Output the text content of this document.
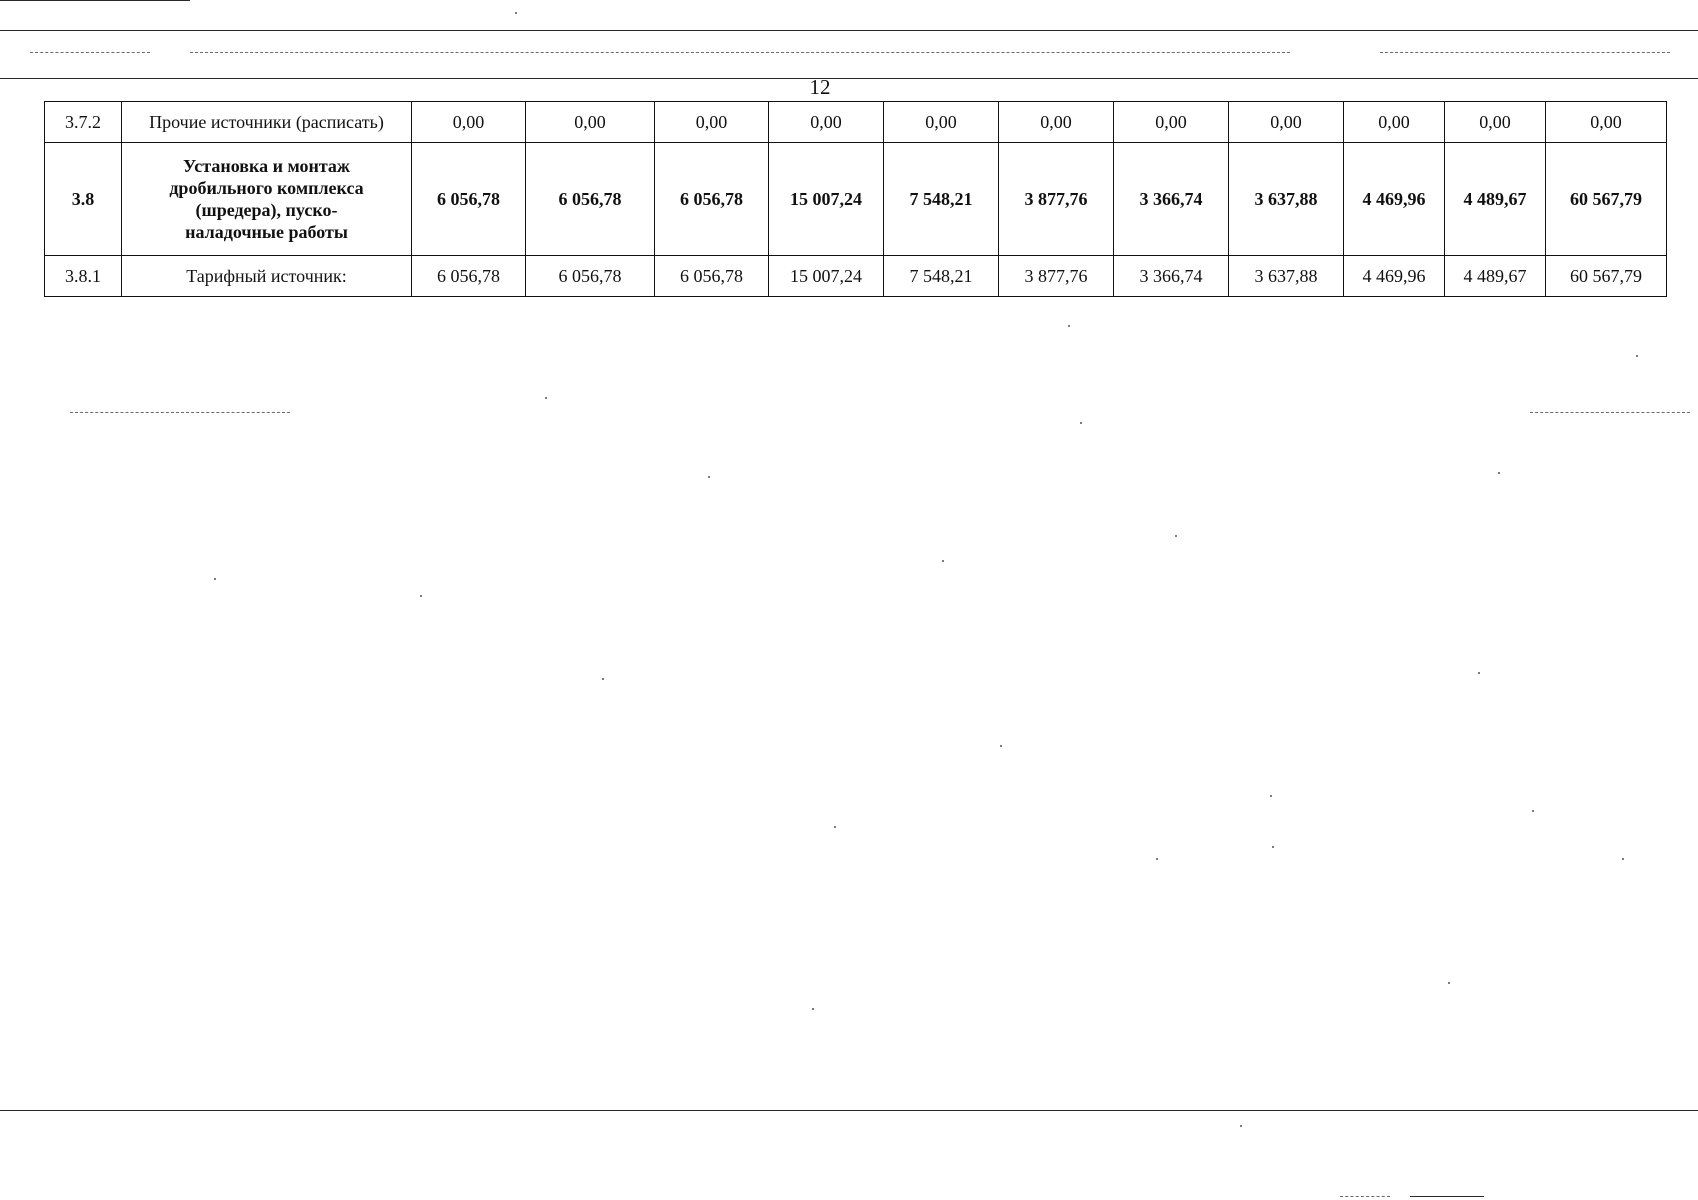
12
3.7.2	Прочие источники (расписать)	0,00	0,00	0,00	0,00	0,00	0,00	0,00	0,00	0,00	0,00	0,00
3.8	Установка и монтаж дробильного комплекса (шредера), пуско-наладочные работы	6 056,78	6 056,78	6 056,78	15 007,24	7 548,21	3 877,76	3 366,74	3 637,88	4 469,96	4 489,67	60 567,79
3.8.1	Тарифный источник:	6 056,78	6 056,78	6 056,78	15 007,24	7 548,21	3 877,76	3 366,74	3 637,88	4 469,96	4 489,67	60 567,79
